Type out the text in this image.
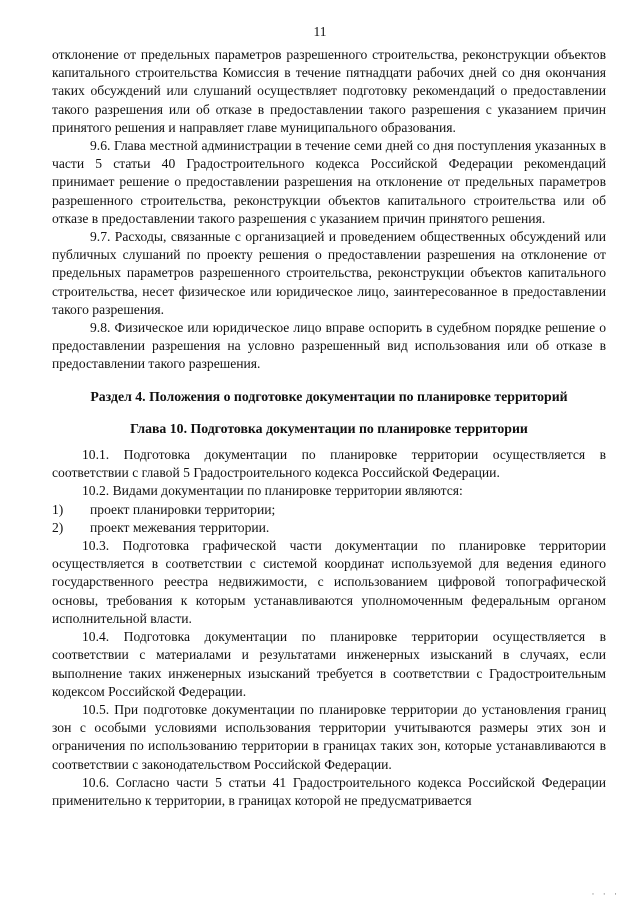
11

отклонение от предельных параметров разрешенного строительства, реконструкции объектов капитального строительства Комиссия в течение пятнадцати рабочих дней со дня окончания таких обсуждений или слушаний осуществляет подготовку рекомендаций о предоставлении такого разрешения или об отказе в предоставлении такого разрешения с указанием причин принятого решения и направляет главе муниципального образования.

9.6. Глава местной администрации в течение семи дней со дня поступления указанных в части 5 статьи 40 Градостроительного кодекса Российской Федерации рекомендаций принимает решение о предоставлении разрешения на отклонение от предельных параметров разрешенного строительства, реконструкции объектов капитального строительства или об отказе в предоставлении такого разрешения с указанием причин принятого решения.

9.7. Расходы, связанные с организацией и проведением общественных обсуждений или публичных слушаний по проекту решения о предоставлении разрешения на отклонение от предельных параметров разрешенного строительства, реконструкции объектов капитального строительства, несет физическое или юридическое лицо, заинтересованное в предоставлении такого разрешения.

9.8. Физическое или юридическое лицо вправе оспорить в судебном порядке решение о предоставлении разрешения на условно разрешенный вид использования или об отказе в предоставлении такого разрешения.

Раздел 4. Положения о подготовке документации по планировке территорий

Глава 10. Подготовка документации по планировке территории

10.1. Подготовка документации по планировке территории осуществляется в соответствии с главой 5 Градостроительного кодекса Российской Федерации.

10.2. Видами документации по планировке территории являются:

1)	проект планировки территории;
2)	проект межевания территории.

10.3. Подготовка графической части документации по планировке территории осуществляется в соответствии с системой координат используемой для ведения единого государственного реестра недвижимости, с использованием цифровой топографической основы, требования к которым устанавливаются уполномоченным федеральным органом исполнительной власти.

10.4. Подготовка документации по планировке территории осуществляется в соответствии с материалами и результатами инженерных изысканий в случаях, если выполнение таких инженерных изысканий требуется в соответствии с Градостроительным кодексом Российской Федерации.

10.5. При подготовке документации по планировке территории до установления границ зон с особыми условиями использования территории учитываются размеры этих зон и ограничения по использованию территории в границах таких зон, которые устанавливаются в соответствии с законодательством Российской Федерации.

10.6. Согласно части 5 статьи 41 Градостроительного кодекса Российской Федерации применительно к территории, в границах которой не предусматривается

· · ·
